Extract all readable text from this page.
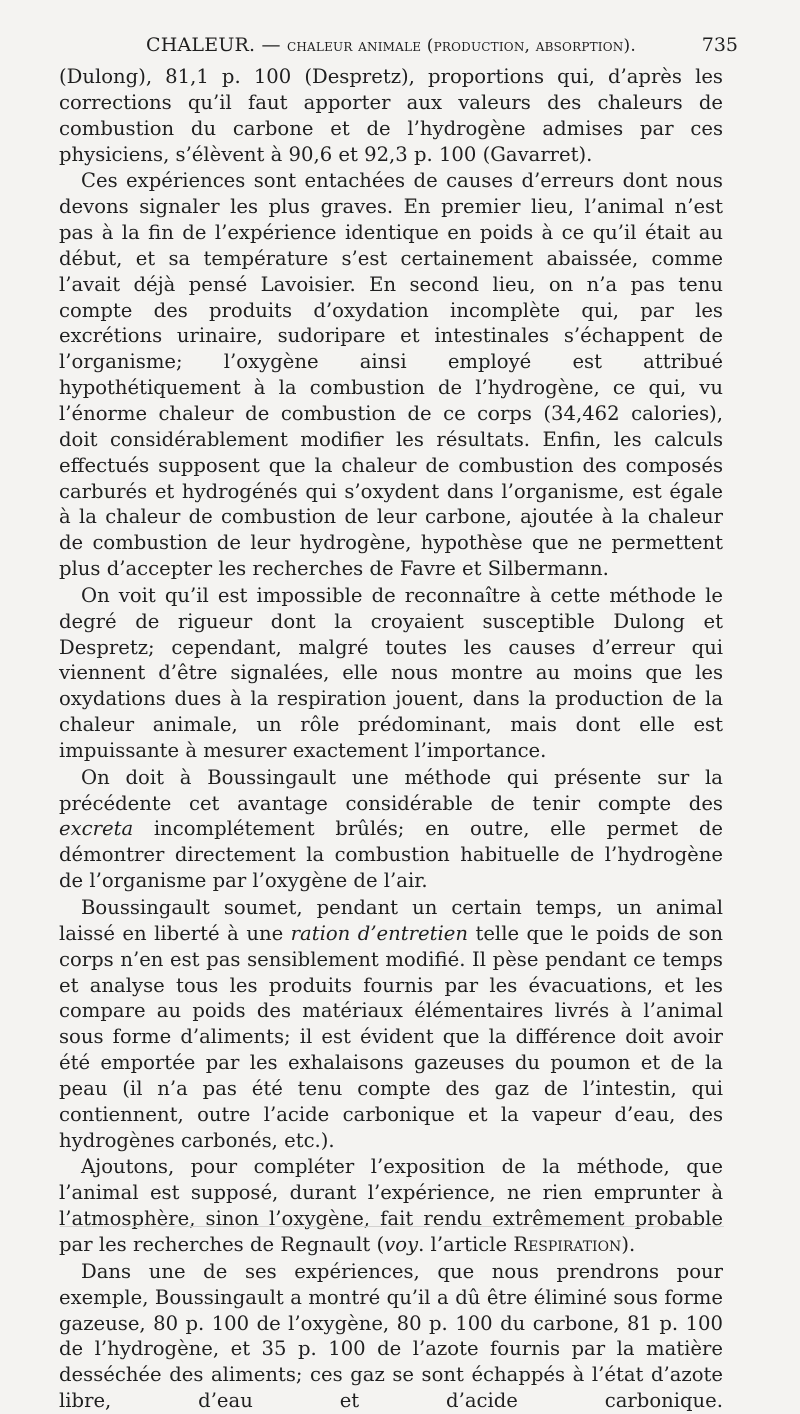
CHALEUR. — chaleur animale (production, absorption).	735

(Dulong), 81,1 p. 100 (Despretz), proportions qui, d’après les corrections qu’il faut apporter aux valeurs des chaleurs de combustion du carbone et de l’hydrogène admises par ces physiciens, s’élèvent à 90,6 et 92,3 p. 100 (Gavarret).

Ces expériences sont entachées de causes d’erreurs dont nous devons signaler les plus graves. En premier lieu, l’animal n’est pas à la fin de l’expérience identique en poids à ce qu’il était au début, et sa température s’est certainement abaissée, comme l’avait déjà pensé Lavoisier. En second lieu, on n’a pas tenu compte des produits d’oxydation incomplète qui, par les excrétions urinaire, sudoripare et intestinales s’échappent de l’organisme; l’oxygène ainsi employé est attribué hypothétiquement à la combustion de l’hydrogène, ce qui, vu l’énorme chaleur de combustion de ce corps (34,462 calories), doit considérablement modifier les résultats. Enfin, les calculs effectués supposent que la chaleur de combustion des composés carburés et hydrogénés qui s’oxydent dans l’organisme, est égale à la chaleur de combustion de leur carbone, ajoutée à la chaleur de combustion de leur hydrogène, hypothèse que ne permettent plus d’accepter les recherches de Favre et Silbermann.

On voit qu’il est impossible de reconnaître à cette méthode le degré de rigueur dont la croyaient susceptible Dulong et Despretz; cependant, malgré toutes les causes d’erreur qui viennent d’être signalées, elle nous montre au moins que les oxydations dues à la respiration jouent, dans la production de la chaleur animale, un rôle prédominant, mais dont elle est impuissante à mesurer exactement l’importance.

On doit à Boussingault une méthode qui présente sur la précédente cet avantage considérable de tenir compte des excreta incomplétement brûlés; en outre, elle permet de démontrer directement la combustion habituelle de l’hydrogène de l’organisme par l’oxygène de l’air.

Boussingault soumet, pendant un certain temps, un animal laissé en liberté à une ration d’entretien telle que le poids de son corps n’en est pas sensiblement modifié. Il pèse pendant ce temps et analyse tous les produits fournis par les évacuations, et les compare au poids des matériaux élémentaires livrés à l’animal sous forme d’aliments; il est évident que la différence doit avoir été emportée par les exhalaisons gazeuses du poumon et de la peau (il n’a pas été tenu compte des gaz de l’intestin, qui contiennent, outre l’acide carbonique et la vapeur d’eau, des hydrogènes carbonés, etc.).

Ajoutons, pour compléter l’exposition de la méthode, que l’animal est supposé, durant l’expérience, ne rien emprunter à l’atmosphère, sinon l’oxygène, fait rendu extrêmement probable par les recherches de Regnault (voy. l’article Respiration).

Dans une de ses expériences, que nous prendrons pour exemple, Boussingault a montré qu’il a dû être éliminé sous forme gazeuse, 80 p. 100 de l’oxygène, 80 p. 100 du carbone, 81 p. 100 de l’hydrogène, et 35 p. 100 de l’azote fournis par la matière desséchée des aliments; ces gaz se sont échappés à l’état d’azote libre, d’eau et d’acide carbonique.
